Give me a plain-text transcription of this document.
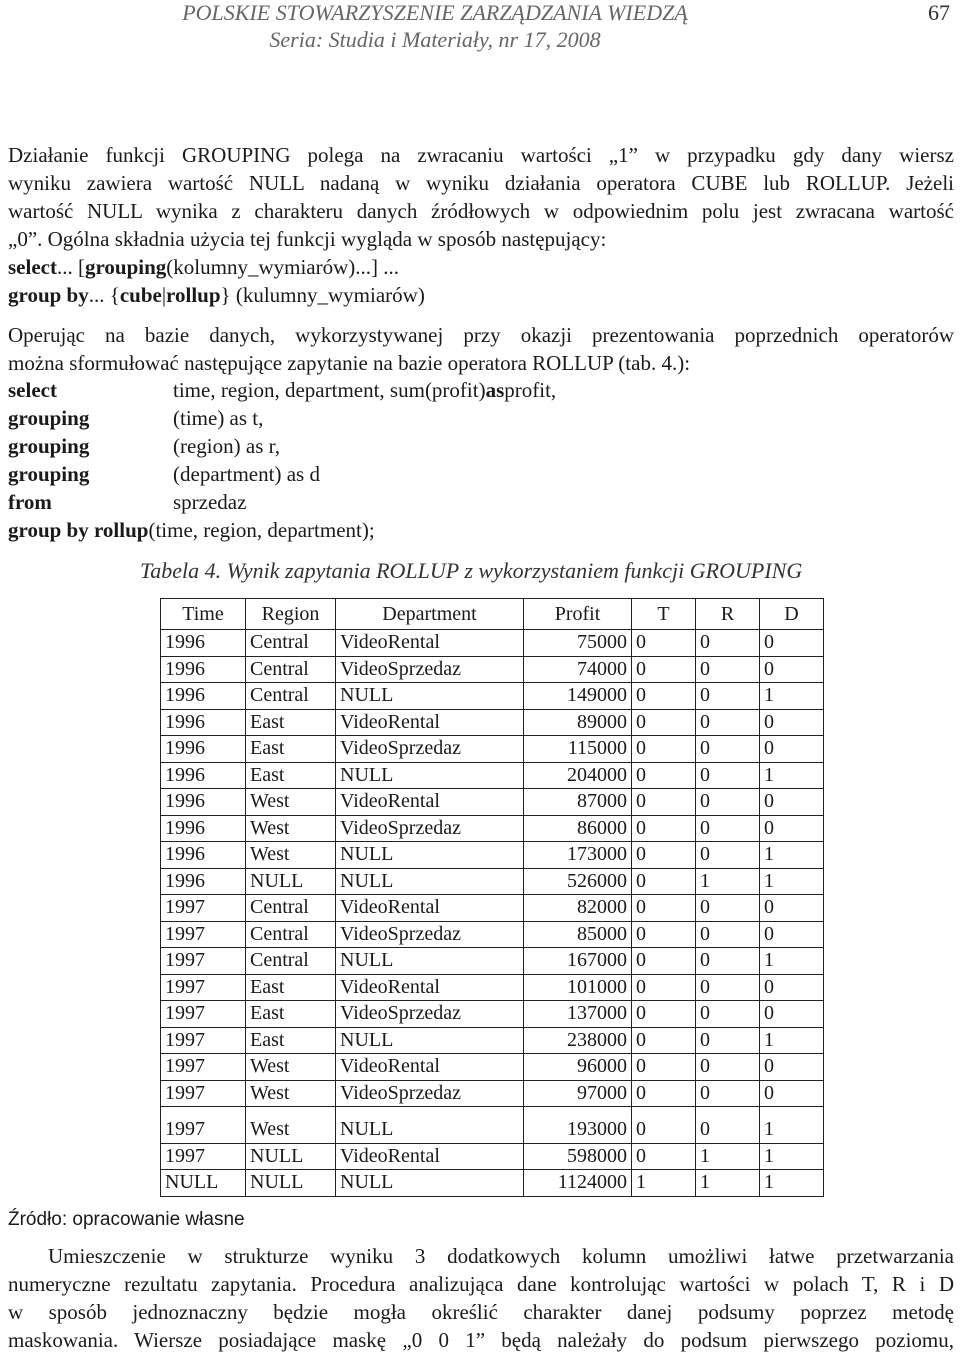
POLSKIE STOWARZYSZENIE ZARZĄDZANIA WIEDZĄ
Seria: Studia i Materiały, nr 17, 2008
67
Działanie funkcji GROUPING polega na zwracaniu wartości „1” w przypadku gdy dany wiersz
wyniku zawiera wartość NULL nadaną w wyniku działania operatora CUBE lub ROLLUP. Jeżeli
wartość NULL wynika z charakteru danych źródłowych w odpowiednim polu jest zwracana wartość
„0”. Ogólna składnia użycia tej funkcji wygląda w sposób następujący:
select... [grouping(kolumny_wymiarów)...] ...
group by... {cube|rollup} (kulumny_wymiarów)
Operując na bazie danych, wykorzystywanej przy okazji prezentowania poprzednich operatorów
można sformułować następujące zapytanie na bazie operatora ROLLUP (tab. 4.):
select	time, region, department, sum(profit) as profit,
grouping	(time) as t,
grouping	(region) as r,
grouping	(department) as d
from	sprzedaz
group by rollup (time, region, department);
Tabela 4. Wynik zapytania ROLLUP z wykorzystaniem funkcji GROUPING
Time	Region	Department	Profit	T	R	D
1996	Central	VideoRental	75000	0	0	0
1996	Central	VideoSprzedaz	74000	0	0	0
1996	Central	NULL	149000	0	0	1
1996	East	VideoRental	89000	0	0	0
1996	East	VideoSprzedaz	115000	0	0	0
1996	East	NULL	204000	0	0	1
1996	West	VideoRental	87000	0	0	0
1996	West	VideoSprzedaz	86000	0	0	0
1996	West	NULL	173000	0	0	1
1996	NULL	NULL	526000	0	1	1
1997	Central	VideoRental	82000	0	0	0
1997	Central	VideoSprzedaz	85000	0	0	0
1997	Central	NULL	167000	0	0	1
1997	East	VideoRental	101000	0	0	0
1997	East	VideoSprzedaz	137000	0	0	0
1997	East	NULL	238000	0	0	1
1997	West	VideoRental	96000	0	0	0
1997	West	VideoSprzedaz	97000	0	0	0
1997	West	NULL	193000	0	0	1
1997	NULL	VideoRental	598000	0	1	1
NULL	NULL	NULL	1124000	1	1	1
Źródło: opracowanie własne
Umieszczenie w strukturze wyniku 3 dodatkowych kolumn umożliwi łatwe przetwarzania
numeryczne rezultatu zapytania. Procedura analizująca dane kontrolując wartości w polach T, R i D
w sposób jednoznaczny będzie mogła określić charakter danej podsumy poprzez metodę
maskowania. Wiersze posiadające maskę „0 0 1” będą należały do podsum pierwszego poziomu,
